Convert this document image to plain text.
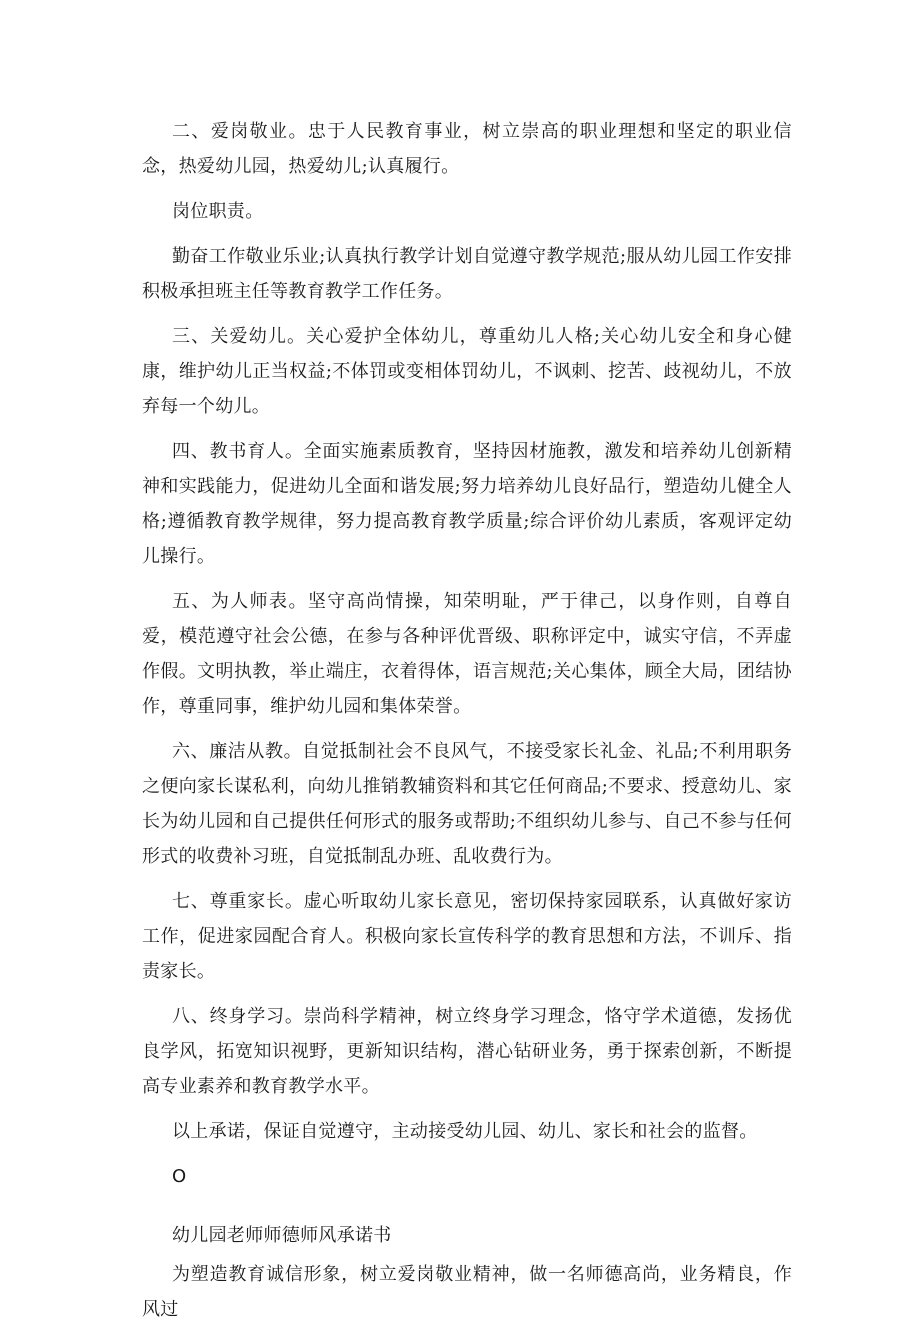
二、爱岗敬业。忠于人民教育事业，树立崇高的职业理想和坚定的职业信念，热爱幼儿园，热爱幼儿;认真履行。

岗位职责。

勤奋工作敬业乐业;认真执行教学计划自觉遵守教学规范;服从幼儿园工作安排积极承担班主任等教育教学工作任务。

三、关爱幼儿。关心爱护全体幼儿，尊重幼儿人格;关心幼儿安全和身心健康，维护幼儿正当权益;不体罚或变相体罚幼儿，不讽刺、挖苦、歧视幼儿，不放弃每一个幼儿。

四、教书育人。全面实施素质教育，坚持因材施教，激发和培养幼儿创新精神和实践能力，促进幼儿全面和谐发展;努力培养幼儿良好品行，塑造幼儿健全人格;遵循教育教学规律，努力提高教育教学质量;综合评价幼儿素质，客观评定幼儿操行。

五、为人师表。坚守高尚情操，知荣明耻，严于律己，以身作则，自尊自爱，模范遵守社会公德，在参与各种评优晋级、职称评定中，诚实守信，不弄虚作假。文明执教，举止端庄，衣着得体，语言规范;关心集体，顾全大局，团结协作，尊重同事，维护幼儿园和集体荣誉。

六、廉洁从教。自觉抵制社会不良风气，不接受家长礼金、礼品;不利用职务之便向家长谋私利，向幼儿推销教辅资料和其它任何商品;不要求、授意幼儿、家长为幼儿园和自己提供任何形式的服务或帮助;不组织幼儿参与、自己不参与任何形式的收费补习班，自觉抵制乱办班、乱收费行为。

七、尊重家长。虚心听取幼儿家长意见，密切保持家园联系，认真做好家访工作，促进家园配合育人。积极向家长宣传科学的教育思想和方法，不训斥、指责家长。

八、终身学习。崇尚科学精神，树立终身学习理念，恪守学术道德，发扬优良学风，拓宽知识视野，更新知识结构，潜心钻研业务，勇于探索创新，不断提高专业素养和教育教学水平。

以上承诺，保证自觉遵守，主动接受幼儿园、幼儿、家长和社会的监督。

O

幼儿园老师师德师风承诺书

为塑造教育诚信形象，树立爱岗敬业精神，做一名师德高尚，业务精良，作风过
